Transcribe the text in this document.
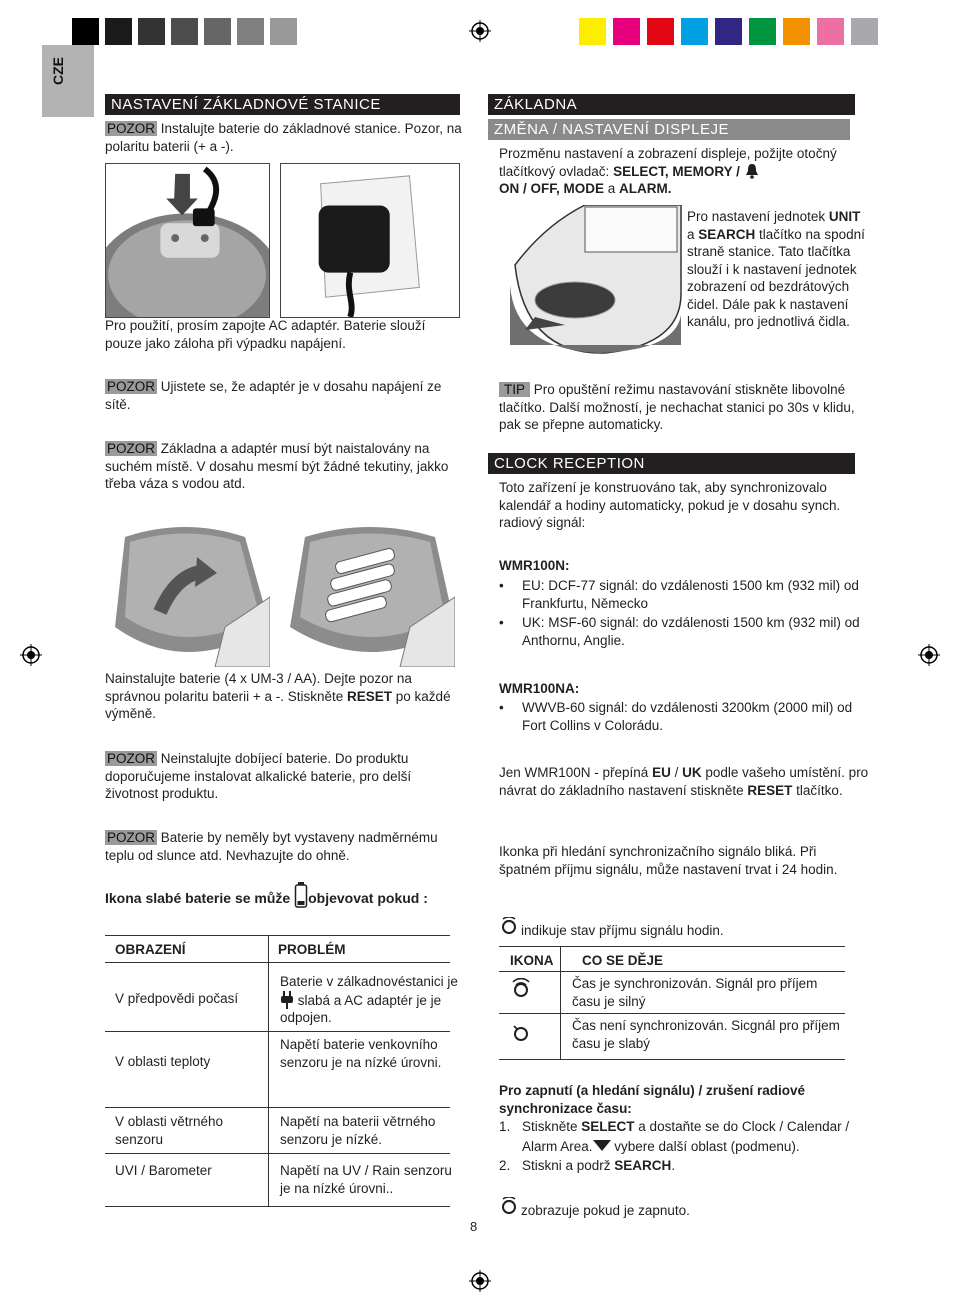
CZE
NASTAVENÍ ZÁKLADNOVÉ STANICE
POZOR Instalujte baterie do základnové stanice. Pozor, na polaritu baterii (+ a -).
Pro použití, prosím zapojte AC adaptér. Baterie slouží pouze jako záloha při výpadku napájení.
POZOR Ujistete se, že adaptér je v dosahu napájení ze sítě.
POZOR Základna a adaptér musí být naistalovány na suchém místě. V dosahu mesmí být žádné tekutiny, jakko třeba váza s vodou atd.
Nainstalujte baterie (4 x UM-3 / AA). Dejte pozor na správnou polaritu baterii + a -. Stiskněte RESET po každé výměně.
POZOR Neinstalujte dobíjecí baterie. Do produktu doporučujeme instalovat alkalické baterie, pro delší životnost produktu.
POZOR Baterie by neměly byt vystaveny nadměrnému teplu od slunce atd. Nevhazujte do ohně.
Ikona slabé baterie se může objevovat pokud :
OBRAZENÍ	PROBLÉM
V předpovědi počasí
Baterie v zálkadnovéstanici je  slabá a AC adaptér je je odpojen.
V oblasti teploty
Napětí baterie venkovního senzoru je na nízké úrovni.
V oblasti větrného senzoru
Napětí na baterii větrného senzoru je nízké.
UVI / Barometer	Napětí na UV / Rain senzoru je na nízké úrovni..
8
ZÁKLADNA
ZMĚNA / NASTAVENÍ DISPLEJE
Prozměnu nastavení a zobrazení displeje, požijte otočný tlačítkový ovladač: SELECT, MEMORY /
ON / OFF, MODE a ALARM.
Pro nastavení jednotek UNIT a SEARCH tlačítko na spodní straně stanice. Tato tlačítka slouží i k nastavení jednotek zobrazení od bezdrátových čidel. Dále pak k nastavení kanálu, pro jednotlivá čidla.
TIP Pro opuštění režimu nastavování stiskněte libovolné tlačítko. Další možností, je nechachat stanici po 30s v klidu, pak se přepne automaticky.
CLOCK RECEPTION
Toto zařízení je konstruováno tak, aby synchronizovalo kalendář a hodiny automaticky, pokud je v dosahu synch. radiový signál:
WMR100N:
• EU: DCF-77 signál: do vzdálenosti 1500 km (932 mil) od Frankfurtu, Německo
• UK: MSF-60 signál: do vzdálenosti 1500 km (932 mil) od Anthornu, Anglie.
WMR100NA:
• WWVB-60 signál: do vzdálenosti 3200km (2000 mil) od Fort Collins v Colorádu.
Jen WMR100N - přepíná EU / UK podle vašeho umístění. pro návrat do základního nastavení stiskněte RESET tlačítko.
Ikonka při hledání synchronizačního signálo bliká. Při špatném příjmu signálu, může nastavení trvat i 24 hodin.
indikuje stav příjmu signálu hodin.
IKONA CO SE DĚJE
Čas je synchronizován. Signál pro příjem času je silný
Čas není synchronizován. Sicgnál pro příjem času je slabý
Pro zapnutí (a hledání signálu) / zrušení radiové synchronizace času:
1. Stiskněte SELECT a dostaňte se do Clock / Calendar / Alarm Area. vybere další oblast (podmenu).
2. Stiskni a podrž SEARCH.
zobrazuje pokud je zapnuto.
